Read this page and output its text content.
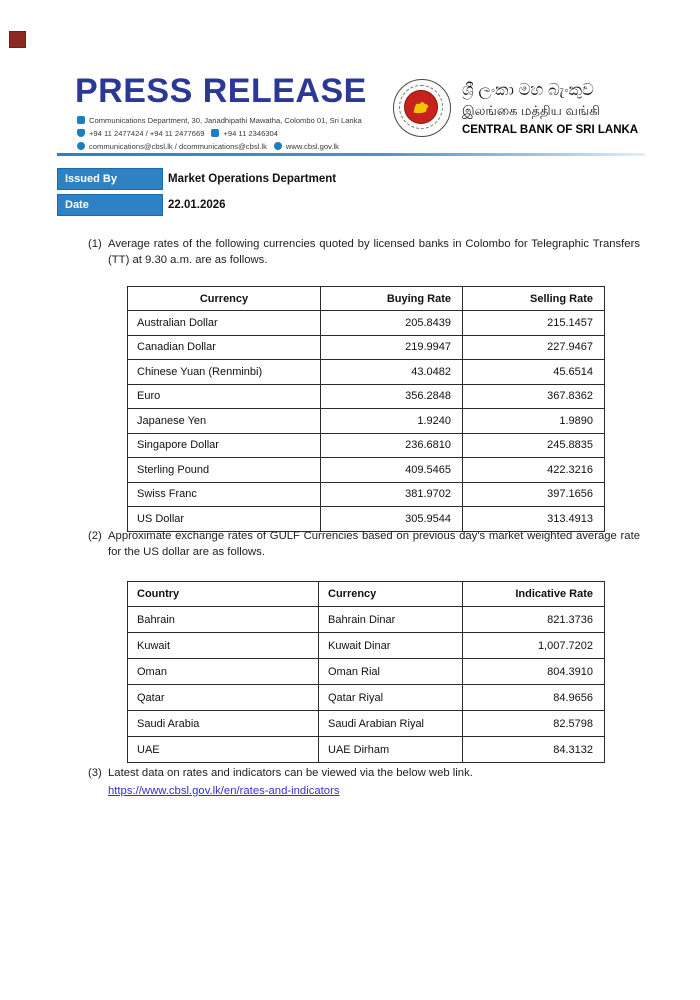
PRESS RELEASE
Communications Department, 30, Janadhipathi Mawatha, Colombo 01, Sri Lanka
+94 11 2477424 / +94 11 2477669	+94 11 2346304
communications@cbsl.lk / dcommunications@cbsl.lk	www.cbsl.gov.lk
ශ්‍රී ලංකා මහ බැංකුව
இலங்கை மத்திய வங்கி
CENTRAL BANK OF SRI LANKA
Issued By	Market Operations Department
Date	22.01.2026
(1) Average rates of the following currencies quoted by licensed banks in Colombo for Telegraphic Transfers (TT) at 9.30 a.m. are as follows.
Currency	Buying Rate	Selling Rate
Australian Dollar	205.8439	215.1457
Canadian Dollar	219.9947	227.9467
Chinese Yuan (Renminbi)	43.0482	45.6514
Euro	356.2848	367.8362
Japanese Yen	1.9240	1.9890
Singapore Dollar	236.6810	245.8835
Sterling Pound	409.5465	422.3216
Swiss Franc	381.9702	397.1656
US Dollar	305.9544	313.4913
(2) Approximate exchange rates of GULF Currencies based on previous day's market weighted average rate for the US dollar are as follows.
Country	Currency	Indicative Rate
Bahrain	Bahrain Dinar	821.3736
Kuwait	Kuwait Dinar	1,007.7202
Oman	Oman Rial	804.3910
Qatar	Qatar Riyal	84.9656
Saudi Arabia	Saudi Arabian Riyal	82.5798
UAE	UAE Dirham	84.3132
(3) Latest data on rates and indicators can be viewed via the below web link.
https://www.cbsl.gov.lk/en/rates-and-indicators
